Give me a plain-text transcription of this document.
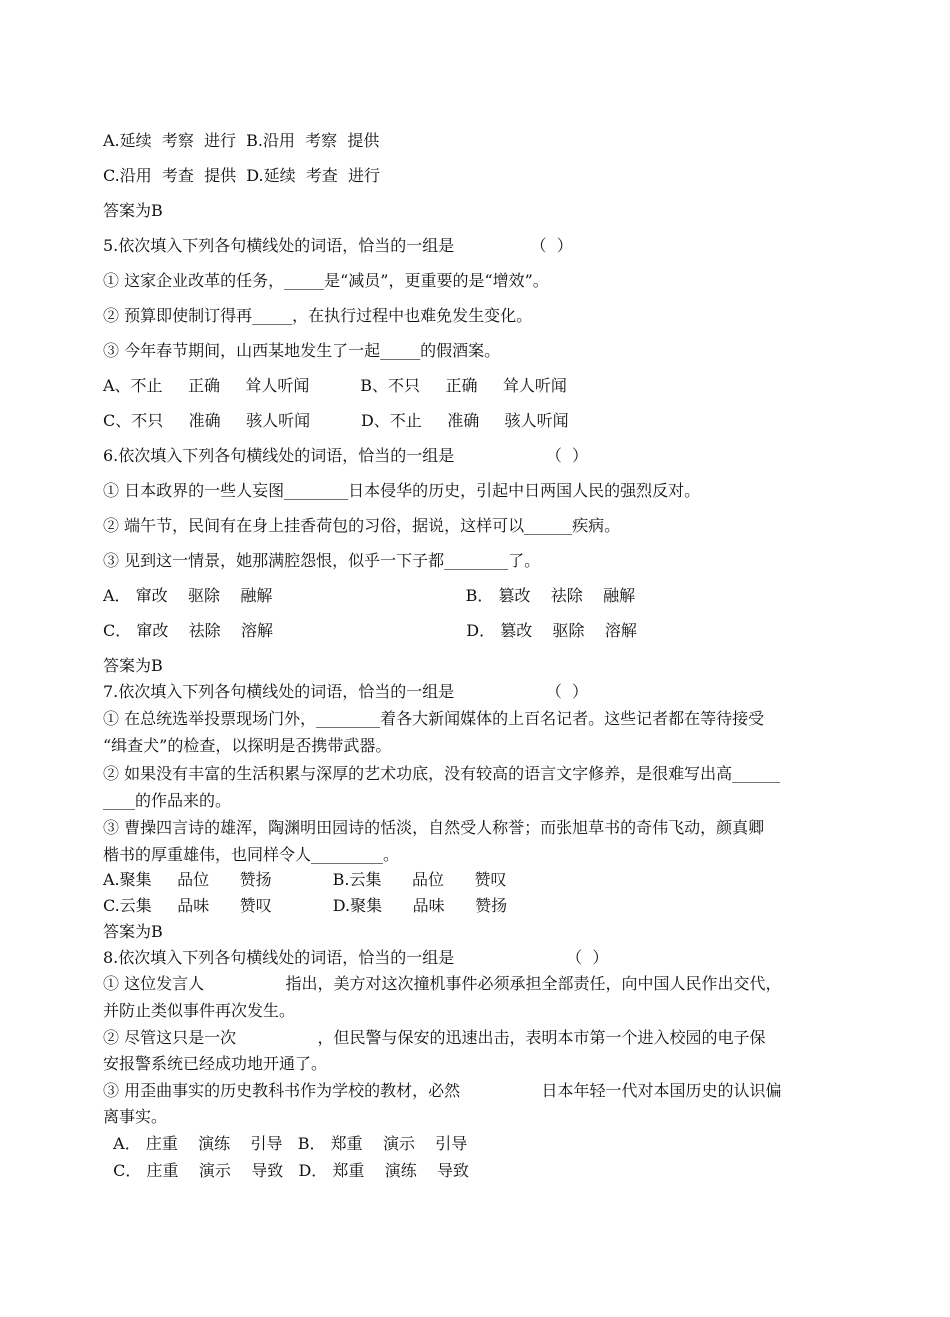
A.延续  考察  进行  B.沿用  考察  提供
C.沿用  考查  提供  D.延续  考查  进行
答案为B
5.依次填入下列各句横线处的词语，恰当的一组是               （  ）
① 这家企业改革的任务，_____是“减员”，更重要的是“增效”。
② 预算即使制订得再_____，在执行过程中也难免发生变化。
③ 今年春节期间，山西某地发生了一起_____的假酒案。
A、不止     正确     耸人听闻          B、不只     正确     耸人听闻
C、不只     准确     骇人听闻          D、不止     准确     骇人听闻
6.依次填入下列各句横线处的词语，恰当的一组是                  （  ）
① 日本政界的一些人妄图________日本侵华的历史，引起中日两国人民的强烈反对。
② 端午节，民间有在身上挂香荷包的习俗，据说，这样可以______疾病。
③ 见到这一情景，她那满腔怨恨，似乎一下子都________了。
A． 窜改    驱除    融解                                      B． 篡改    祛除    融解
C． 窜改    祛除    溶解                                      D． 篡改    驱除    溶解
答案为B
7.依次填入下列各句横线处的词语，恰当的一组是                  （  ）
① 在总统选举投票现场门外，________着各大新闻媒体的上百名记者。这些记者都在等待接受
“缉查犬”的检查，以探明是否携带武器。
② 如果没有丰富的生活积累与深厚的艺术功底，没有较高的语言文字修养，是很难写出高______
____的作品来的。
③ 曹操四言诗的雄浑，陶渊明田园诗的恬淡，自然受人称誉；而张旭草书的奇伟飞动，颜真卿
楷书的厚重雄伟，也同样令人_________。
A.聚集     品位      赞扬            B.云集      品位      赞叹
C.云集     品味      赞叹            D.聚集      品味      赞扬
答案为B
8.依次填入下列各句横线处的词语，恰当的一组是                      （  ）
① 这位发言人                指出，美方对这次撞机事件必须承担全部责任，向中国人民作出交代，
并防止类似事件再次发生。
② 尽管这只是一次                ，但民警与保安的迅速出击，表明本市第一个进入校园的电子保
安报警系统已经成功地开通了。
③ 用歪曲事实的历史教科书作为学校的教材，必然                日本年轻一代对本国历史的认识偏
离事实。
A． 庄重    演练    引导   B． 郑重    演示    引导
C． 庄重    演示    导致   D． 郑重    演练    导致
